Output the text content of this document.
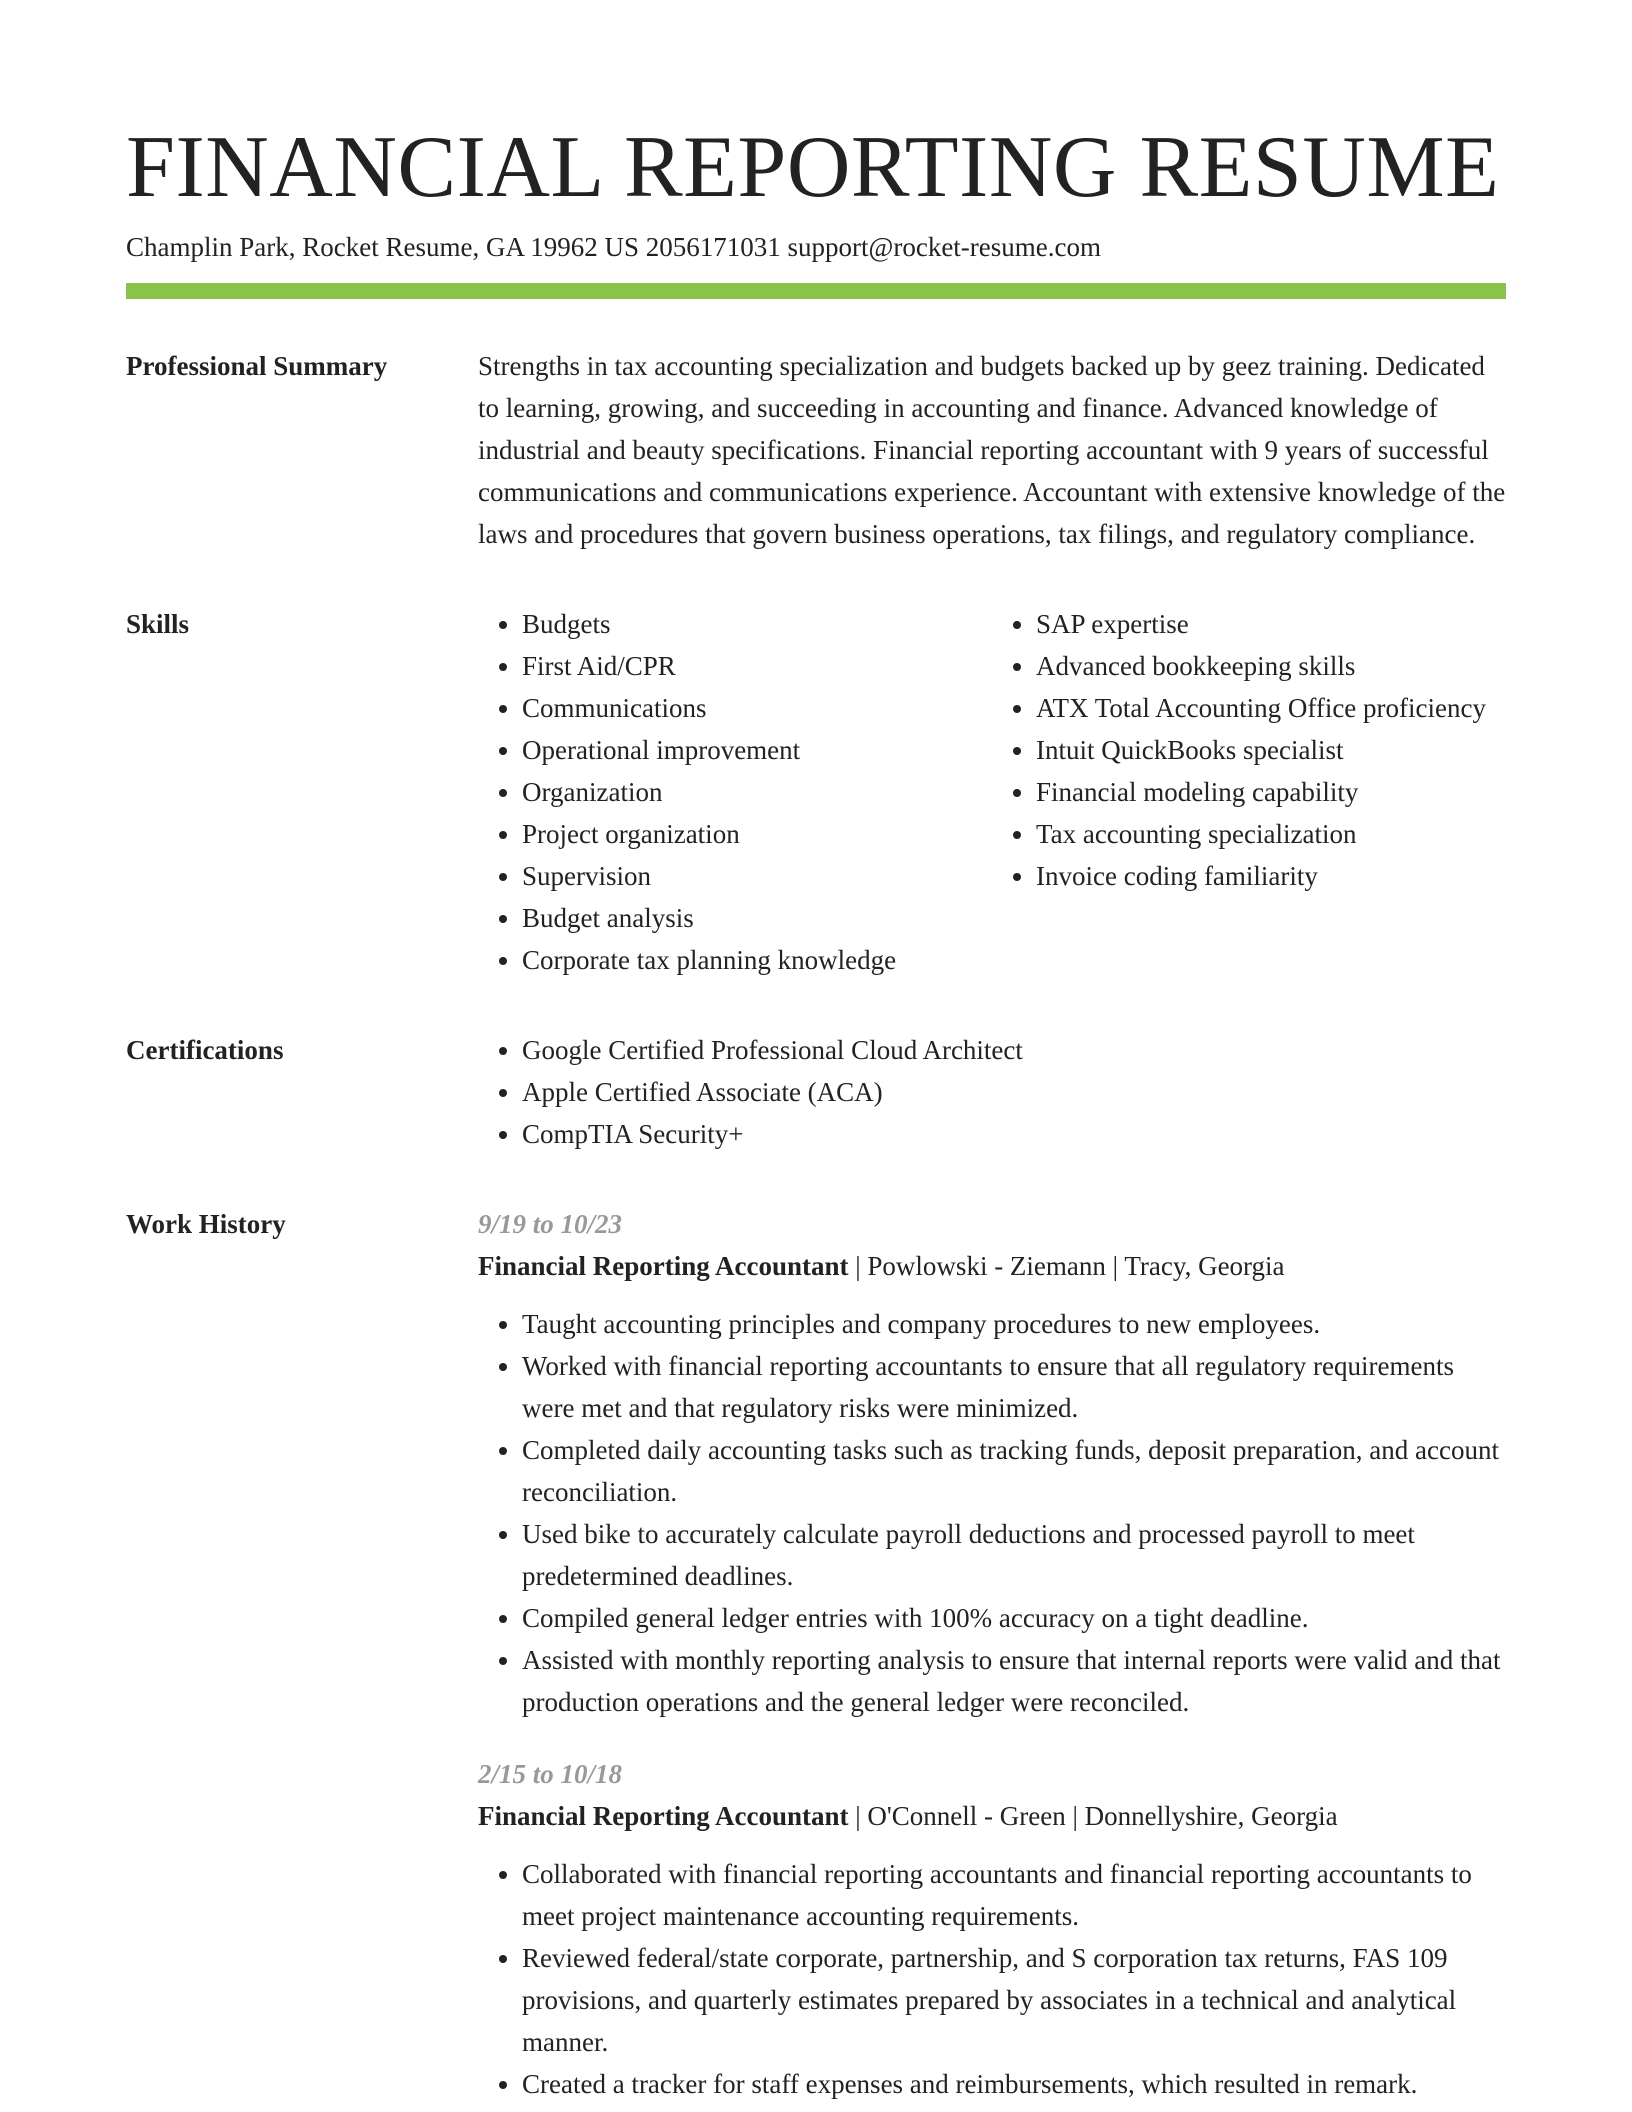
FINANCIAL REPORTING RESUME
Champlin Park, Rocket Resume, GA 19962 US 2056171031 support@rocket-resume.com
Professional Summary	Strengths in tax accounting specialization and budgets backed up by geez training. Dedicated to learning, growing, and succeeding in accounting and finance. Advanced knowledge of industrial and beauty specifications. Financial reporting accountant with 9 years of successful communications and communications experience. Accountant with extensive knowledge of the laws and procedures that govern business operations, tax filings, and regulatory compliance.
Skills	• Budgets
• First Aid/CPR
• Communications
• Operational improvement
• Organization
• Project organization
• Supervision
• Budget analysis
• Corporate tax planning knowledge
• SAP expertise
• Advanced bookkeeping skills
• ATX Total Accounting Office proficiency
• Intuit QuickBooks specialist
• Financial modeling capability
• Tax accounting specialization
• Invoice coding familiarity
Certifications	• Google Certified Professional Cloud Architect
• Apple Certified Associate (ACA)
• CompTIA Security+
Work History	9/19 to 10/23
Financial Reporting Accountant | Powlowski - Ziemann | Tracy, Georgia
• Taught accounting principles and company procedures to new employees.
• Worked with financial reporting accountants to ensure that all regulatory requirements were met and that regulatory risks were minimized.
• Completed daily accounting tasks such as tracking funds, deposit preparation, and account reconciliation.
• Used bike to accurately calculate payroll deductions and processed payroll to meet predetermined deadlines.
• Compiled general ledger entries with 100% accuracy on a tight deadline.
• Assisted with monthly reporting analysis to ensure that internal reports were valid and that production operations and the general ledger were reconciled.
2/15 to 10/18
Financial Reporting Accountant | O'Connell - Green | Donnellyshire, Georgia
• Collaborated with financial reporting accountants and financial reporting accountants to meet project maintenance accounting requirements.
• Reviewed federal/state corporate, partnership, and S corporation tax returns, FAS 109 provisions, and quarterly estimates prepared by associates in a technical and analytical manner.
• Created a tracker for staff expenses and reimbursements, which resulted in remark.
